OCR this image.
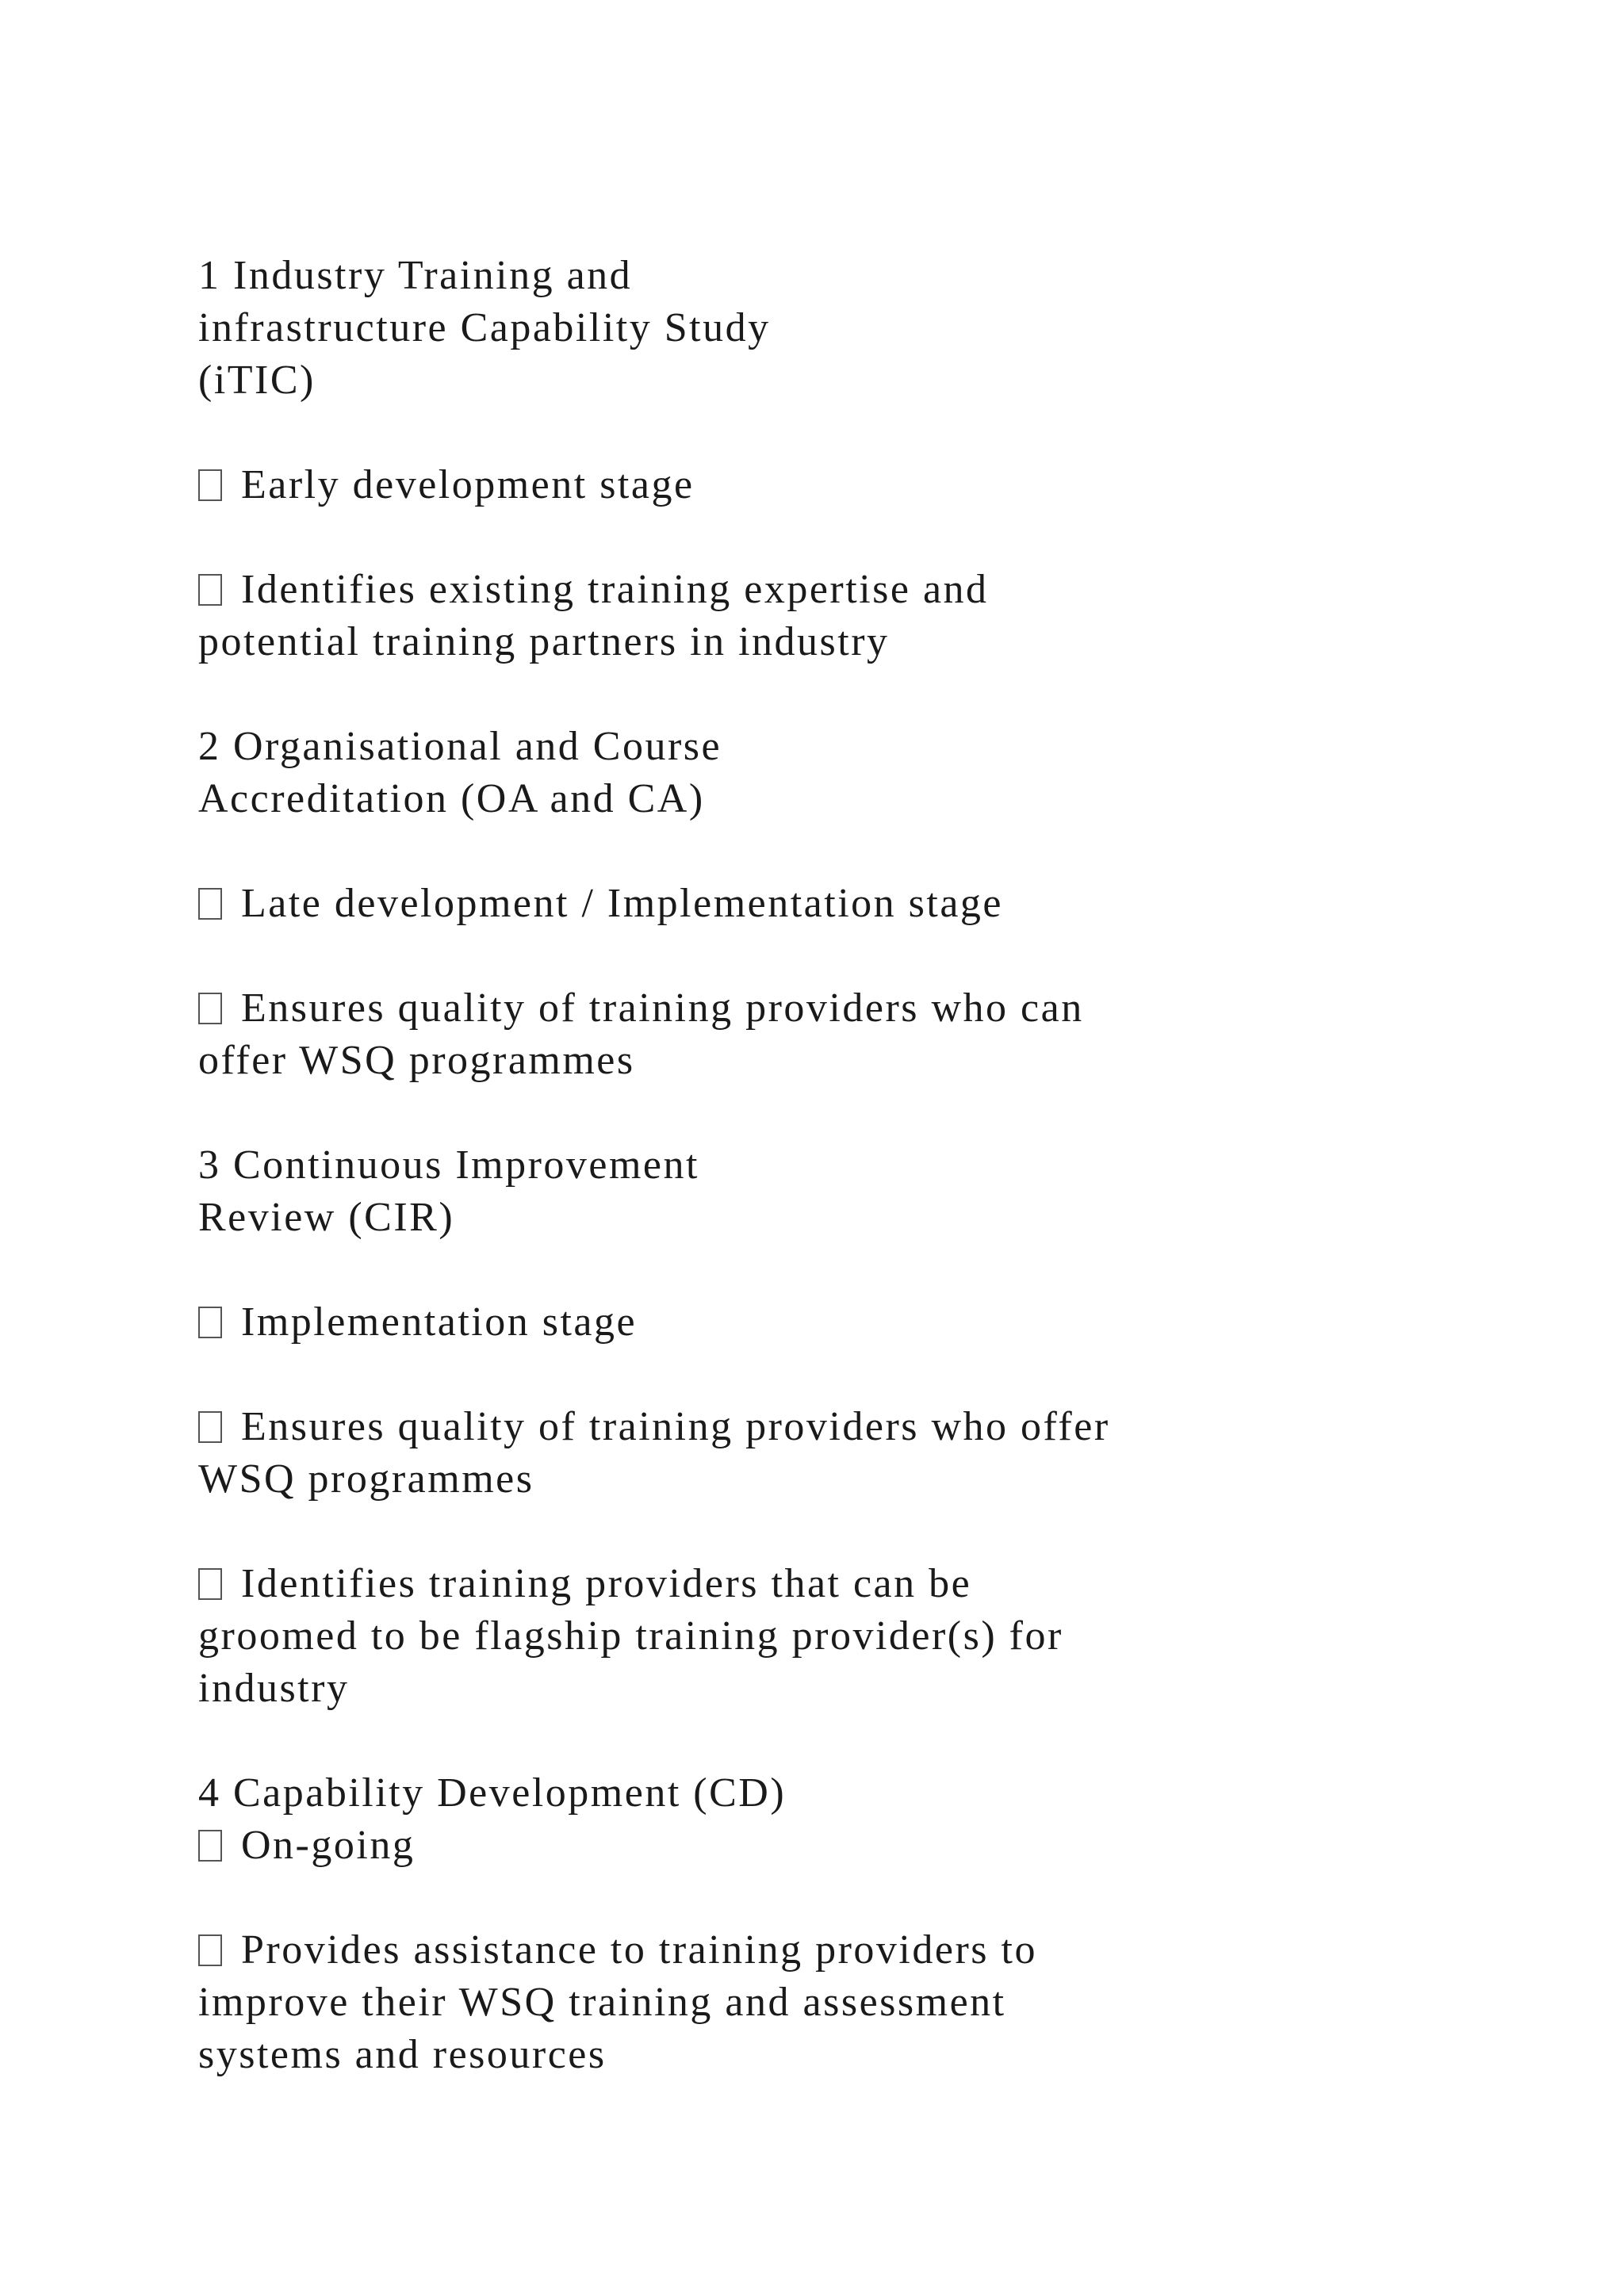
1 Industry Training and
infrastructure Capability Study
(iTIC)
Early development stage
Identifies existing training expertise and
potential training partners in industry
2 Organisational and Course
Accreditation (OA and CA)
Late development / Implementation stage
Ensures quality of training providers who can
offer WSQ programmes
3 Continuous Improvement
Review (CIR)
Implementation stage
Ensures quality of training providers who offer
WSQ programmes
Identifies training providers that can be
groomed to be flagship training provider(s) for
industry
4 Capability Development (CD)
On-going
Provides assistance to training providers to
improve their WSQ training and assessment
systems and resources
